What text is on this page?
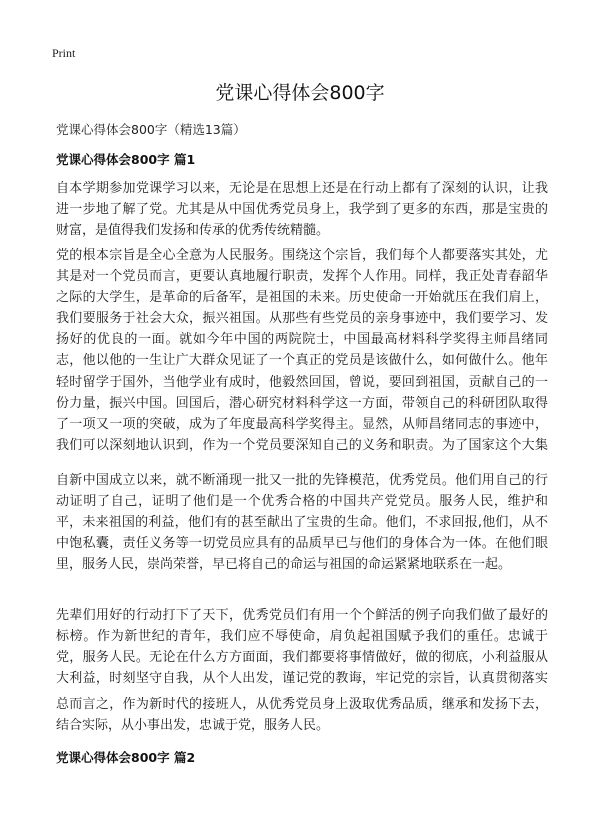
Print
党课心得体会800字
党课心得体会800字（精选13篇）
党课心得体会800字 篇1

自本学期参加党课学习以来，无论是在思想上还是在行动上都有了深刻的认识，让我进一步地了解了党。尤其是从中国优秀党员身上，我学到了更多的东西，那是宝贵的财富，是值得我们发扬和传承的优秀传统精髓。

党的根本宗旨是全心全意为人民服务。围绕这个宗旨，我们每个人都要落实其处，尤其是对一个党员而言，更要认真地履行职责，发挥个人作用。同样，我正处青春韶华之际的大学生，是革命的后备军，是祖国的未来。历史使命一开始就压在我们肩上，我们要服务于社会大众，振兴祖国。从那些有些党员的亲身事迹中，我们要学习、发扬好的优良的一面。就如今年中国的两院院士，中国最高材料科学奖得主师昌绪同志，他以他的一生让广大群众见证了一个真正的党员是该做什么，如何做什么。他年轻时留学于国外，当他学业有成时，他毅然回国，曾说，要回到祖国，贡献自己的一份力量，振兴中国。回国后，潜心研究材料科学这一方面，带领自己的科研团队取得了一项又一项的突破，成为了年度最高科学奖得主。显然，从师昌绪同志的事迹中，我们可以深刻地认识到，作为一个党员要深知自己的义务和职责。为了国家这个大集

自新中国成立以来，就不断涌现一批又一批的先锋模范，优秀党员。他们用自己的行动证明了自己，证明了他们是一个优秀合格的中国共产党党员。服务人民，维护和平，未来祖国的利益，他们有的甚至献出了宝贵的生命。他们，不求回报,他们，从不中饱私囊，责任义务等一切党员应具有的品质早已与他们的身体合为一体。在他们眼里，服务人民，崇尚荣誉，早已将自己的命运与祖国的命运紧紧地联系在一起。

先辈们用好的行动打下了天下，优秀党员们有用一个个鲜活的例子向我们做了最好的标榜。作为新世纪的青年，我们应不辱使命，肩负起祖国赋予我们的重任。忠诚于党，服务人民。无论在什么方方面面，我们都要将事情做好，做的彻底，小利益服从大利益，时刻坚守自我，从个人出发，谨记党的教诲，牢记党的宗旨，认真贯彻落实

总而言之，作为新时代的接班人，从优秀党员身上汲取优秀品质，继承和发扬下去，结合实际，从小事出发，忠诚于党，服务人民。

党课心得体会800字 篇2
